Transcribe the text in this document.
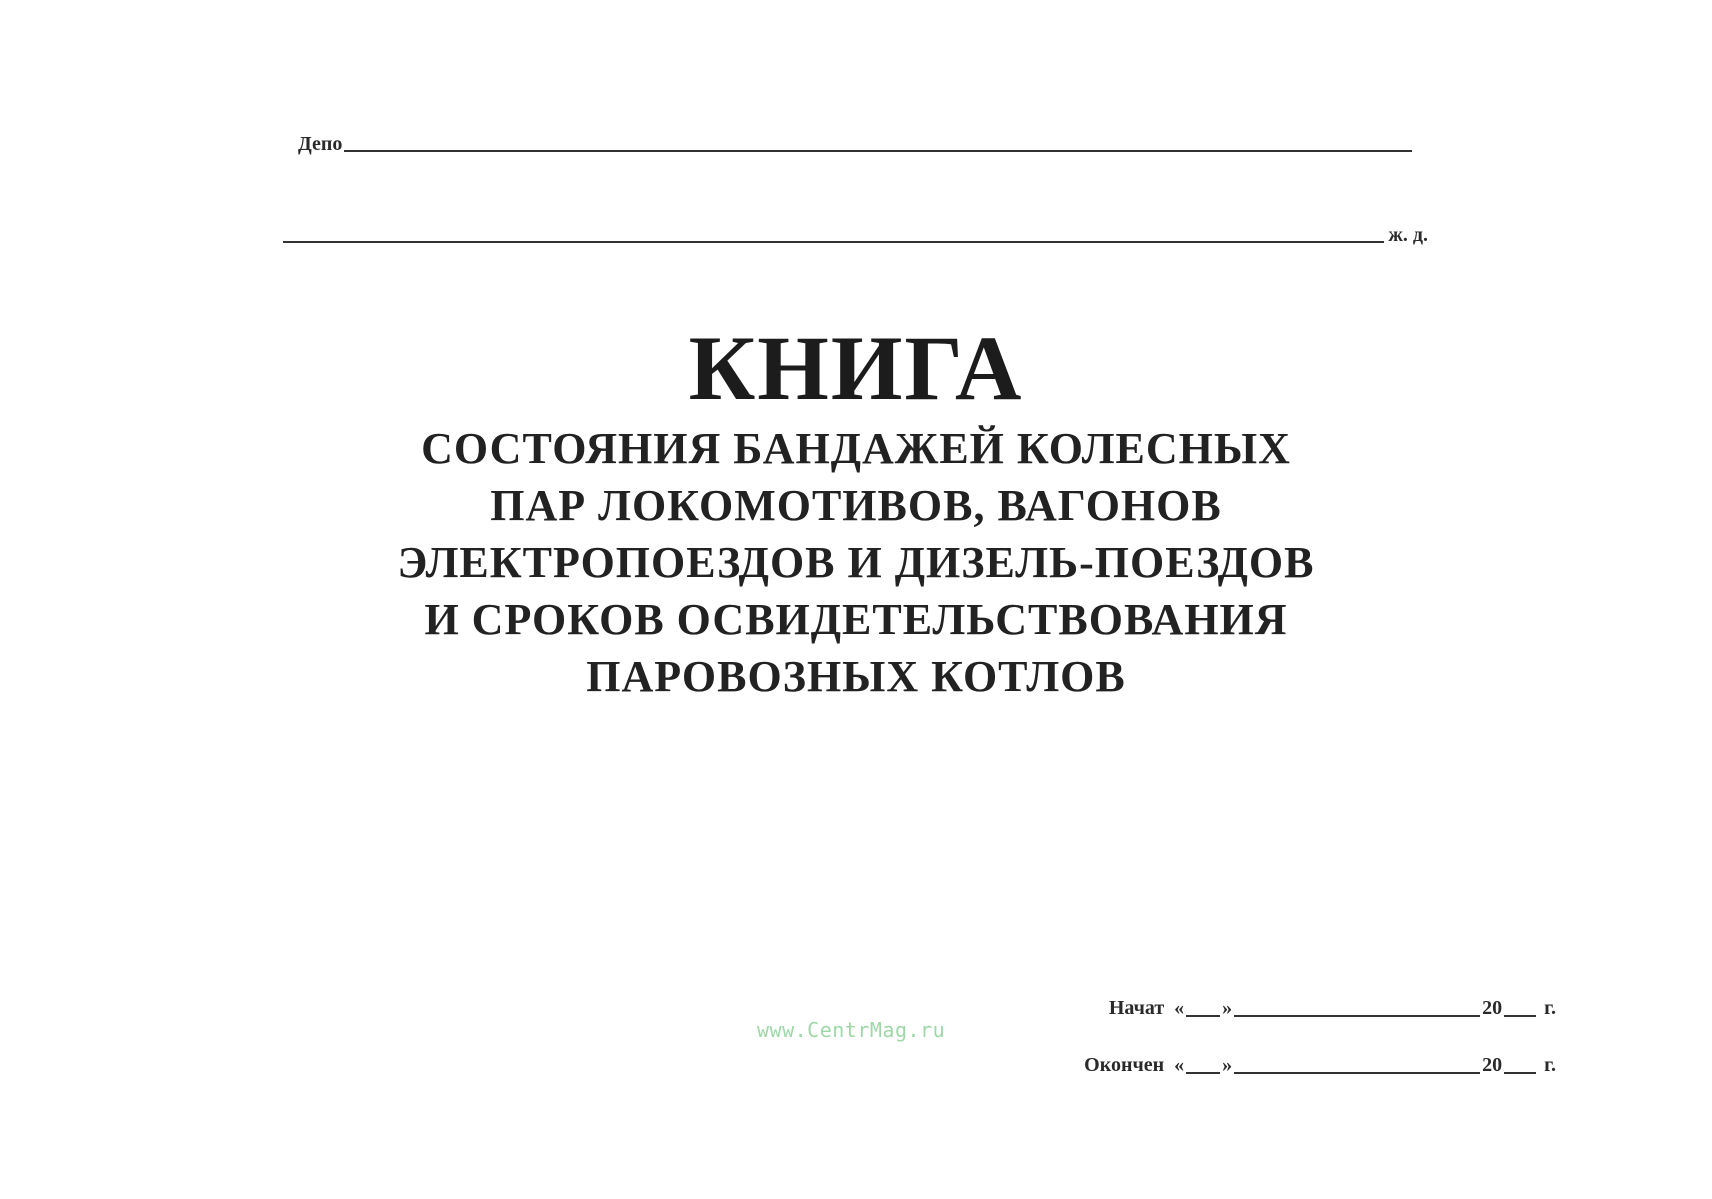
Депо
ж. д.
КНИГА
СОСТОЯНИЯ БАНДАЖЕЙ КОЛЕСНЫХ
ПАР ЛОКОМОТИВОВ, ВАГОНОВ
ЭЛЕКТРОПОЕЗДОВ И ДИЗЕЛЬ-ПОЕЗДОВ
И СРОКОВ ОСВИДЕТЕЛЬСТВОВАНИЯ
ПАРОВОЗНЫХ КОТЛОВ
www.CentrMag.ru
Начат « »	20 г.
Окончен « »	20 г.
